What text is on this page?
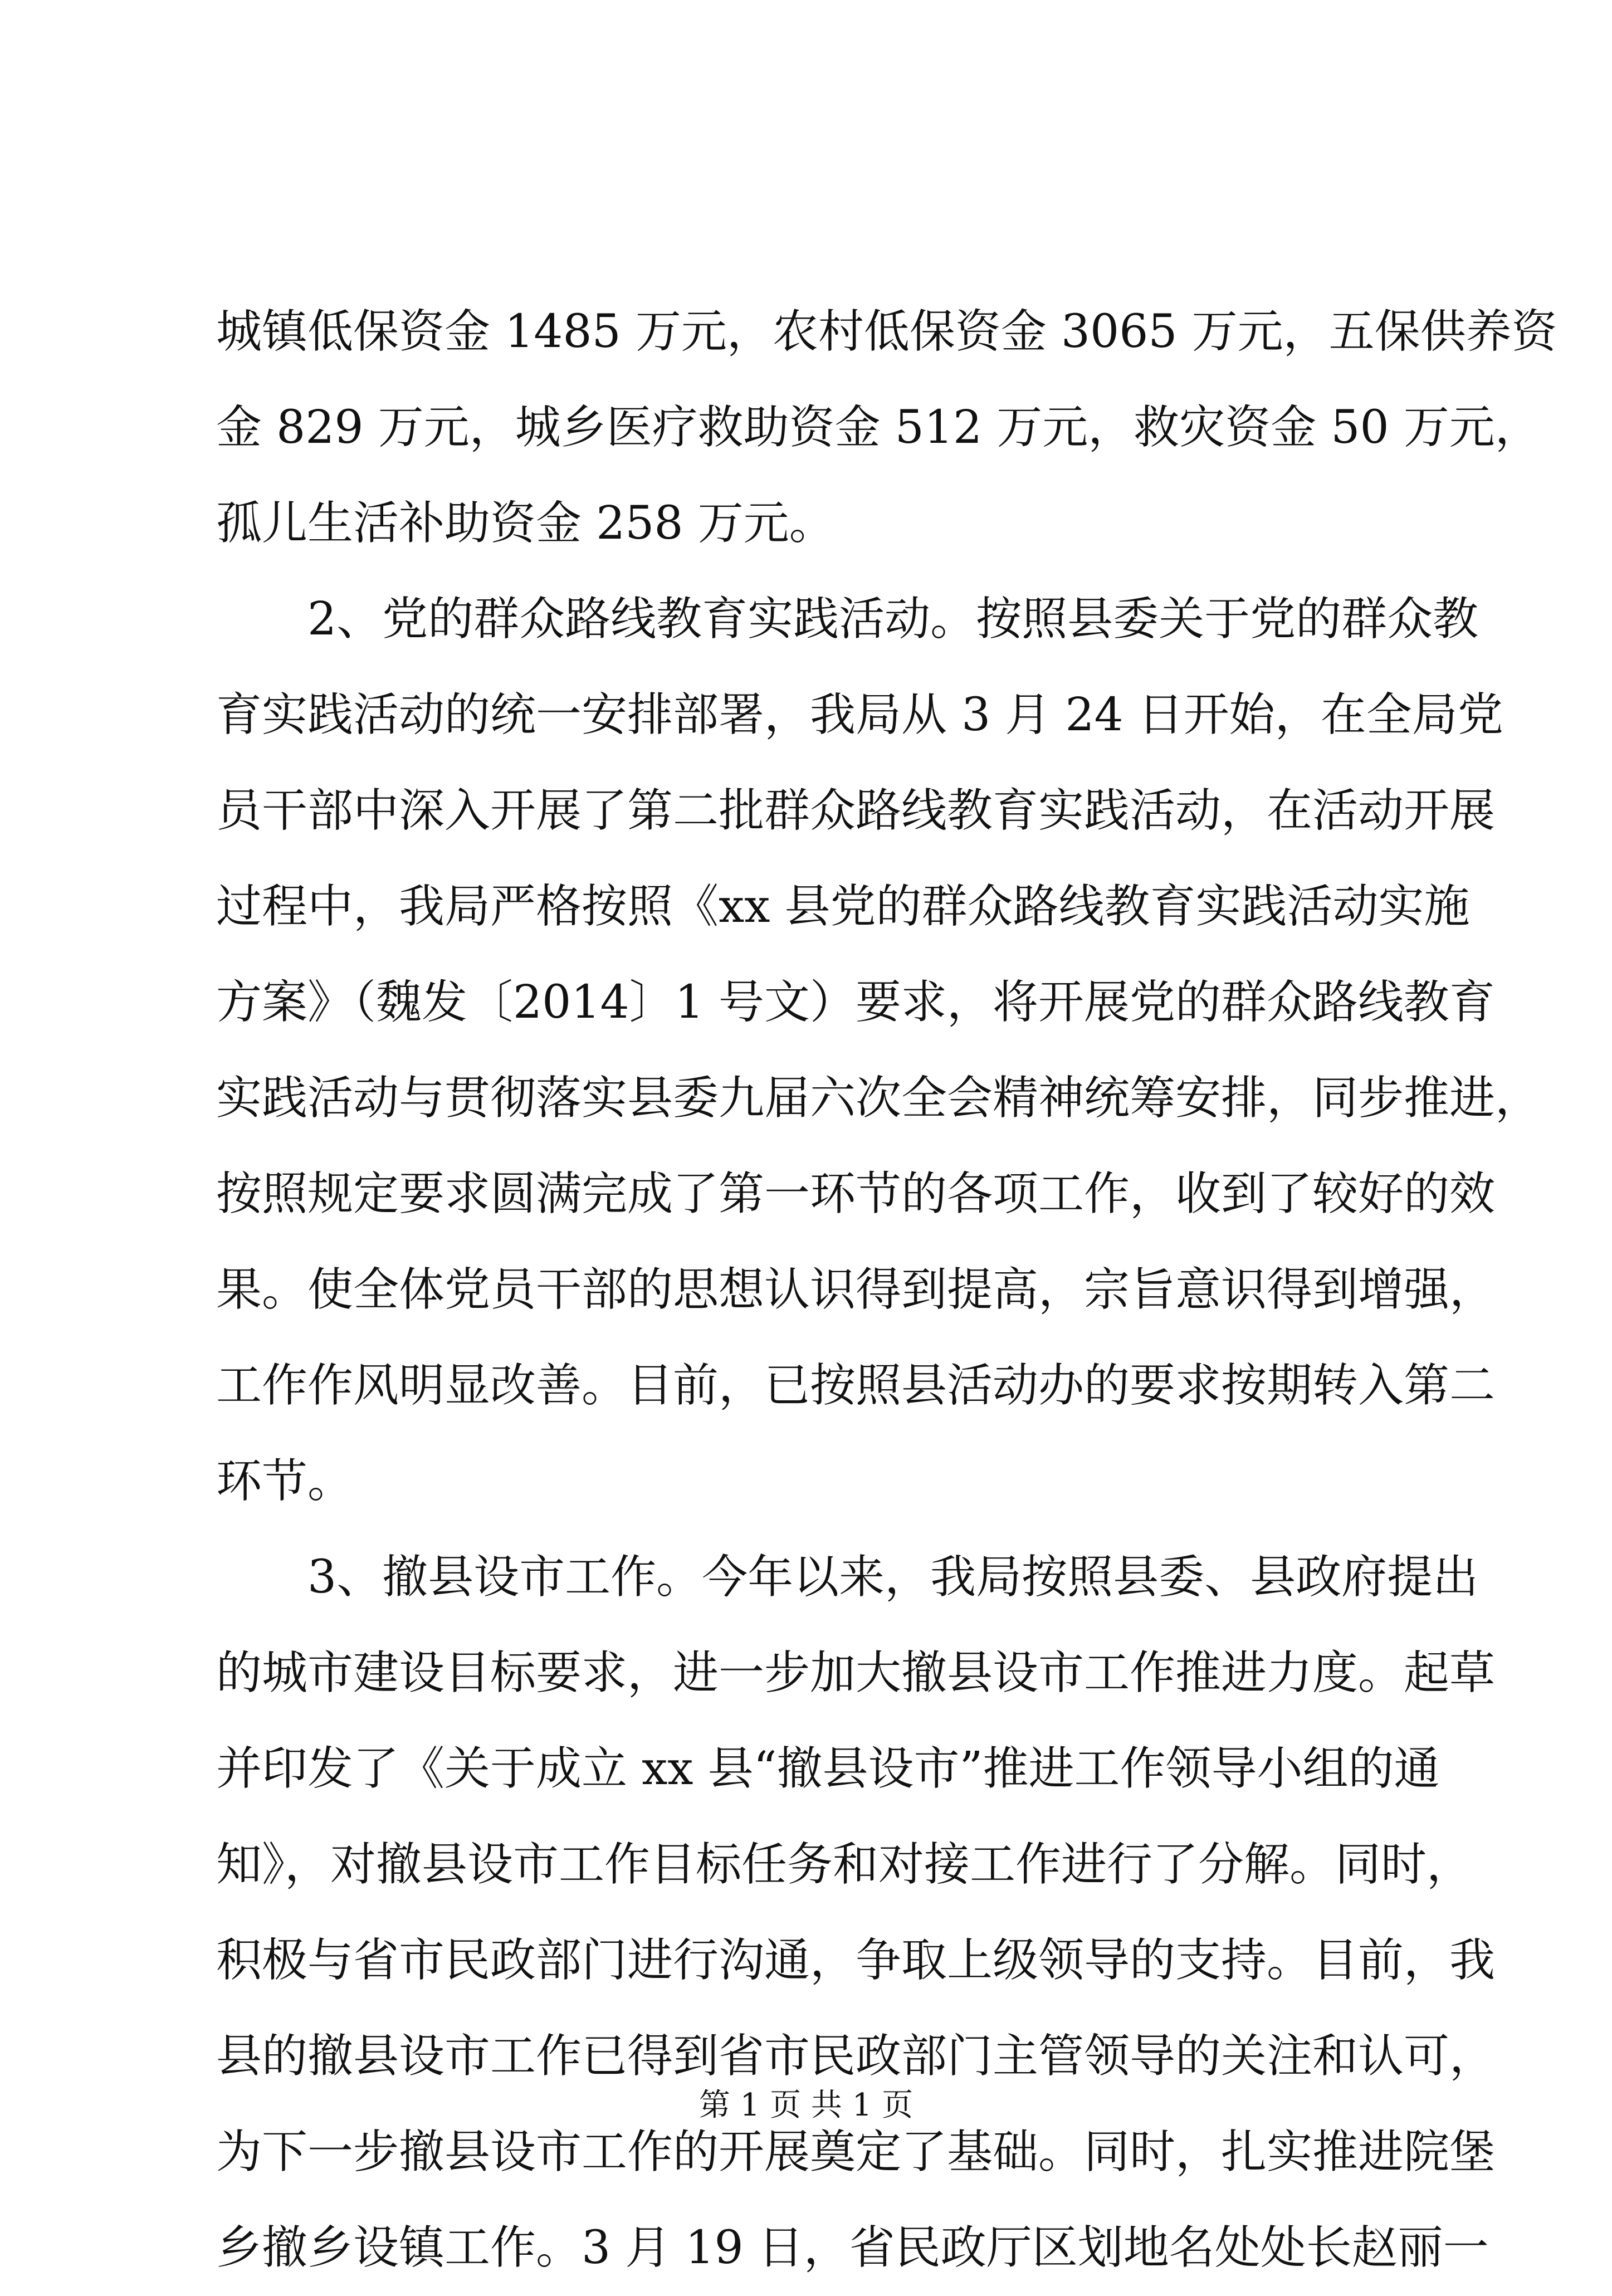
城镇低保资金 1485 万元，农村低保资金 3065 万元，五保供养资
金 829 万元，城乡医疗救助资金 512 万元，救灾资金 50 万元，
孤儿生活补助资金 258 万元。
2、党的群众路线教育实践活动。按照县委关于党的群众教
育实践活动的统一安排部署，我局从 3 月 24 日开始，在全局党
员干部中深入开展了第二批群众路线教育实践活动，在活动开展
过程中，我局严格按照《xx 县党的群众路线教育实践活动实施
方案》（魏发〔2014〕1 号文）要求，将开展党的群众路线教育
实践活动与贯彻落实县委九届六次全会精神统筹安排，同步推进，
按照规定要求圆满完成了第一环节的各项工作，收到了较好的效
果。使全体党员干部的思想认识得到提高，宗旨意识得到增强，
工作作风明显改善。目前，已按照县活动办的要求按期转入第二
环节。
3、撤县设市工作。今年以来，我局按照县委、县政府提出
的城市建设目标要求，进一步加大撤县设市工作推进力度。起草
并印发了《关于成立 xx 县“撤县设市”推进工作领导小组的通
知》，对撤县设市工作目标任务和对接工作进行了分解。同时，
积极与省市民政部门进行沟通，争取上级领导的支持。目前，我
县的撤县设市工作已得到省市民政部门主管领导的关注和认可，
为下一步撤县设市工作的开展奠定了基础。同时，扎实推进院堡
乡撤乡设镇工作。3 月 19 日，省民政厅区划地名处处长赵丽一
第 1 页 共 1 页
